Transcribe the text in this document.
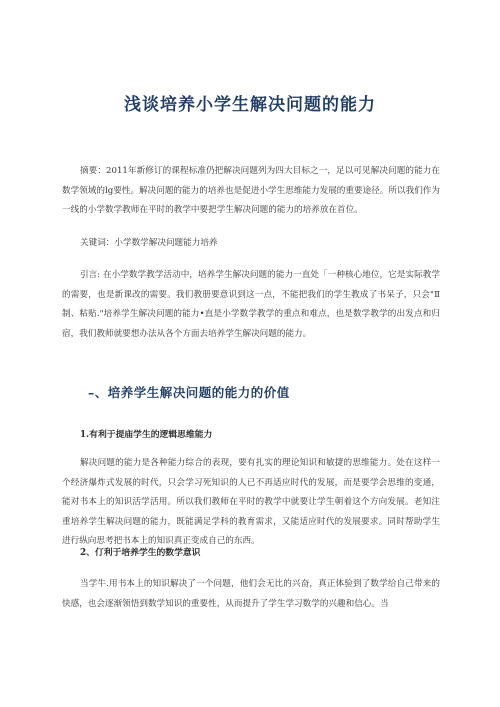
浅谈培养小学生解决问题的能力

摘要：2011年新修订的课程标准仍把解决问题列为四大目标之一，足以可见解决问题的能力在数学领域的lg要性。解决问题的能力的培养也是促进小学生思维能力发展的重要途径。所以我们作为一线的小学数学教师在平时的教学中要把学生解决问题的能力的培养放在首位。

关键词：小学数学解决问题能力培养

引言: 在小学数学教学活动中，培养学生解决问题的能力一直处「一种核心地位，它是实际教学的需要，也是新课改的需要。我们教册要意识到这一点，不能把我们的学生教成了书呆子，只会"Ⅱ制、粘贴."培养学生解决问题的能力•直是小学数学教学的重点和难点，也是数学教学的出发点和归宿，我们教师就要想办法从各个方面去培养学生解决问题的能力。

–、培养学生解决问题的能力的价值
1.有利于提庙学生的逻辑思维能力

解决问题的能力是各种能力综合的表现，要有扎实的理论知识和敏捷的思维能力。处在这样一个经济爆炸式发展的时代，只会学习死知识的人已不再适应时代的发展，而是要学会思维的变通，能对书本上的知识活学活用。所以我们教师在平时的教学中就要让学生朝着这个方向发展。老知注重培养学生解决问题的能力，既能满足学科的教育需求，又能适应时代的发展要求。同时帮助学生进行纵向思考把书本上的知识真正变成自己的东西。

2、仃利于培养学生的数学意识

当学牛.用书本上的知识解决了一个问题，他们会无比的兴奋，真正体验到了数学给自己带来的快感，也会逐渐领悟到数学知识的重要性，从而提升了学生学习数学的兴趣和信心。当
